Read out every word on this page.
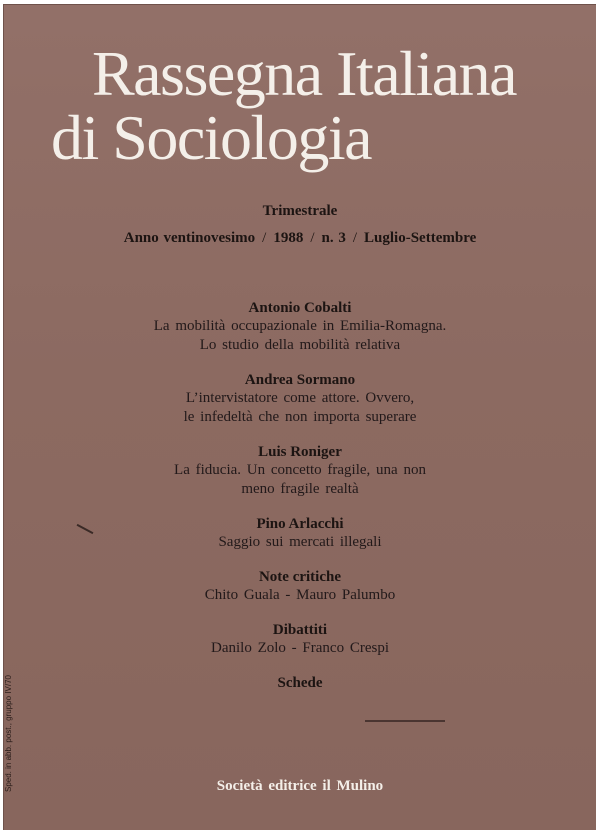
Rassegna Italiana
di Sociologia
Trimestrale
Anno ventinovesimo / 1988 / n. 3 / Luglio-Settembre
Antonio Cobalti
La mobilità occupazionale in Emilia-Romagna.
Lo studio della mobilità relativa
Andrea Sormano
L’intervistatore come attore. Ovvero,
le infedeltà che non importa superare
Luis Roniger
La fiducia. Un concetto fragile, una non
meno fragile realtà
Pino Arlacchi
Saggio sui mercati illegali
Note critiche
Chito Guala - Mauro Palumbo
Dibattiti
Danilo Zolo - Franco Crespi
Schede
Sped. in abb. post., gruppo IV/70	Società editrice il Mulino
